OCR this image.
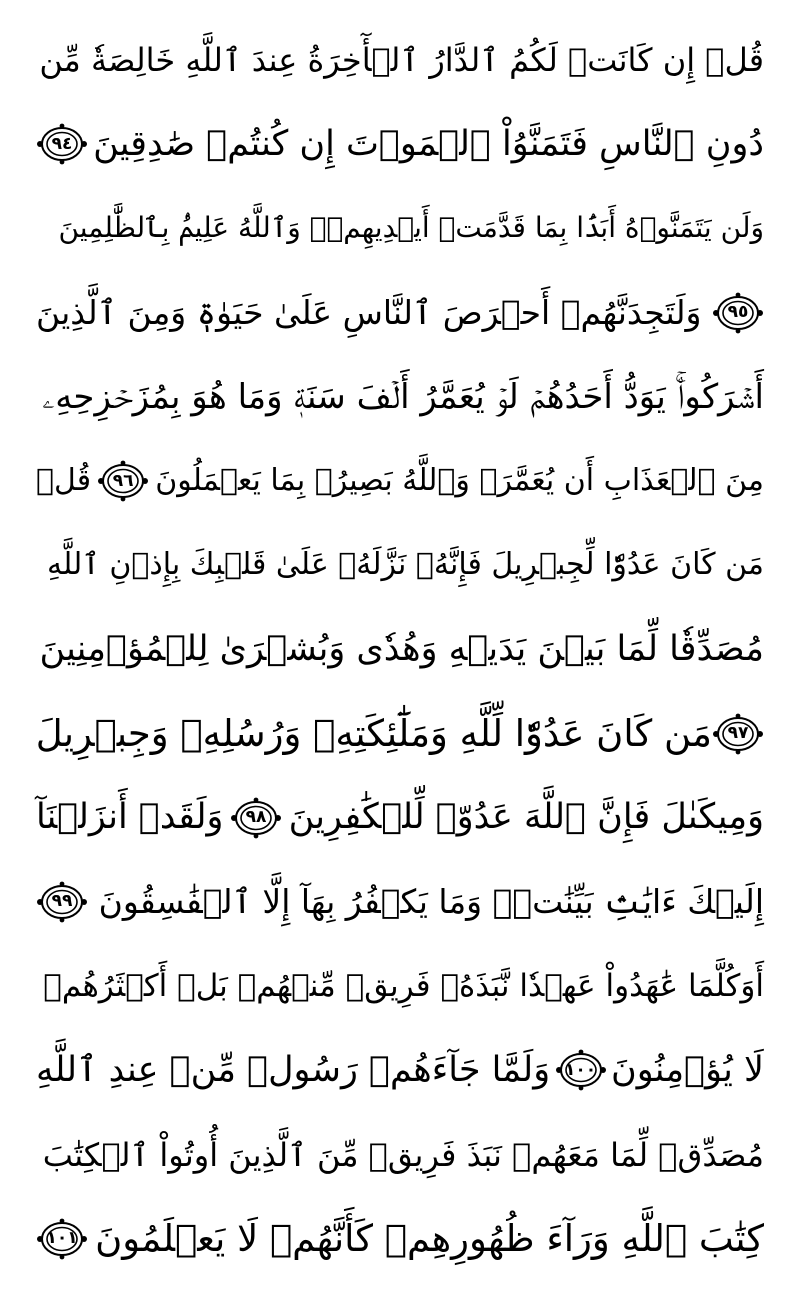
قُلۡ إِن كَانَتۡ لَكُمُ ٱلدَّارُ ٱلۡأٓخِرَةُ عِندَ ٱللَّهِ خَالِصَةٗ مِّن
دُونِ ٱلنَّاسِ فَتَمَنَّوُاْ ٱلۡمَوۡتَ إِن كُنتُمۡ صَٰدِقِينَ
٩٤
وَلَن يَتَمَنَّوۡهُ أَبَدَۢا بِمَا قَدَّمَتۡ أَيۡدِيهِمۡۚ وَٱللَّهُ عَلِيمُۢ بِٱلظَّٰلِمِينَ
٩٥
وَلَتَجِدَنَّهُمۡ أَحۡرَصَ ٱلنَّاسِ عَلَىٰ حَيَوٰةٖ وَمِنَ ٱلَّذِينَ
أَشۡرَكُواْۚ يَوَدُّ أَحَدُهُمۡ لَوۡ يُعَمَّرُ أَلۡفَ سَنَةٖ وَمَا هُوَ بِمُزَحۡزِحِهِۦ
مِنَ ٱلۡعَذَابِ أَن يُعَمَّرَۗ وَٱللَّهُ بَصِيرُۢ بِمَا يَعۡمَلُونَ
٩٦
قُلۡ
مَن كَانَ عَدُوّٗا لِّجِبۡرِيلَ فَإِنَّهُۥ نَزَّلَهُۥ عَلَىٰ قَلۡبِكَ بِإِذۡنِ ٱللَّهِ
مُصَدِّقٗا لِّمَا بَيۡنَ يَدَيۡهِ وَهُدٗى وَبُشۡرَىٰ لِلۡمُؤۡمِنِينَ
٩٧
مَن كَانَ عَدُوّٗا لِّلَّهِ وَمَلَٰٓئِكَتِهِۦ وَرُسُلِهِۦ وَجِبۡرِيلَ
وَمِيكَىٰلَ فَإِنَّ ٱللَّهَ عَدُوّٞ لِّلۡكَٰفِرِينَ
٩٨
وَلَقَدۡ أَنزَلۡنَآ
إِلَيۡكَ ءَايَٰتِۢ بَيِّنَٰتٖۖ وَمَا يَكۡفُرُ بِهَآ إِلَّا ٱلۡفَٰسِقُونَ
٩٩
أَوَكُلَّمَا عَٰهَدُواْ عَهۡدٗا نَّبَذَهُۥ فَرِيقٞ مِّنۡهُمۚ بَلۡ أَكۡثَرُهُمۡ
لَا يُؤۡمِنُونَ
١٠٠
وَلَمَّا جَآءَهُمۡ رَسُولٞ مِّنۡ عِندِ ٱللَّهِ
مُصَدِّقٞ لِّمَا مَعَهُمۡ نَبَذَ فَرِيقٞ مِّنَ ٱلَّذِينَ أُوتُواْ ٱلۡكِتَٰبَ
كِتَٰبَ ٱللَّهِ وَرَآءَ ظُهُورِهِمۡ كَأَنَّهُمۡ لَا يَعۡلَمُونَ
١٠١
